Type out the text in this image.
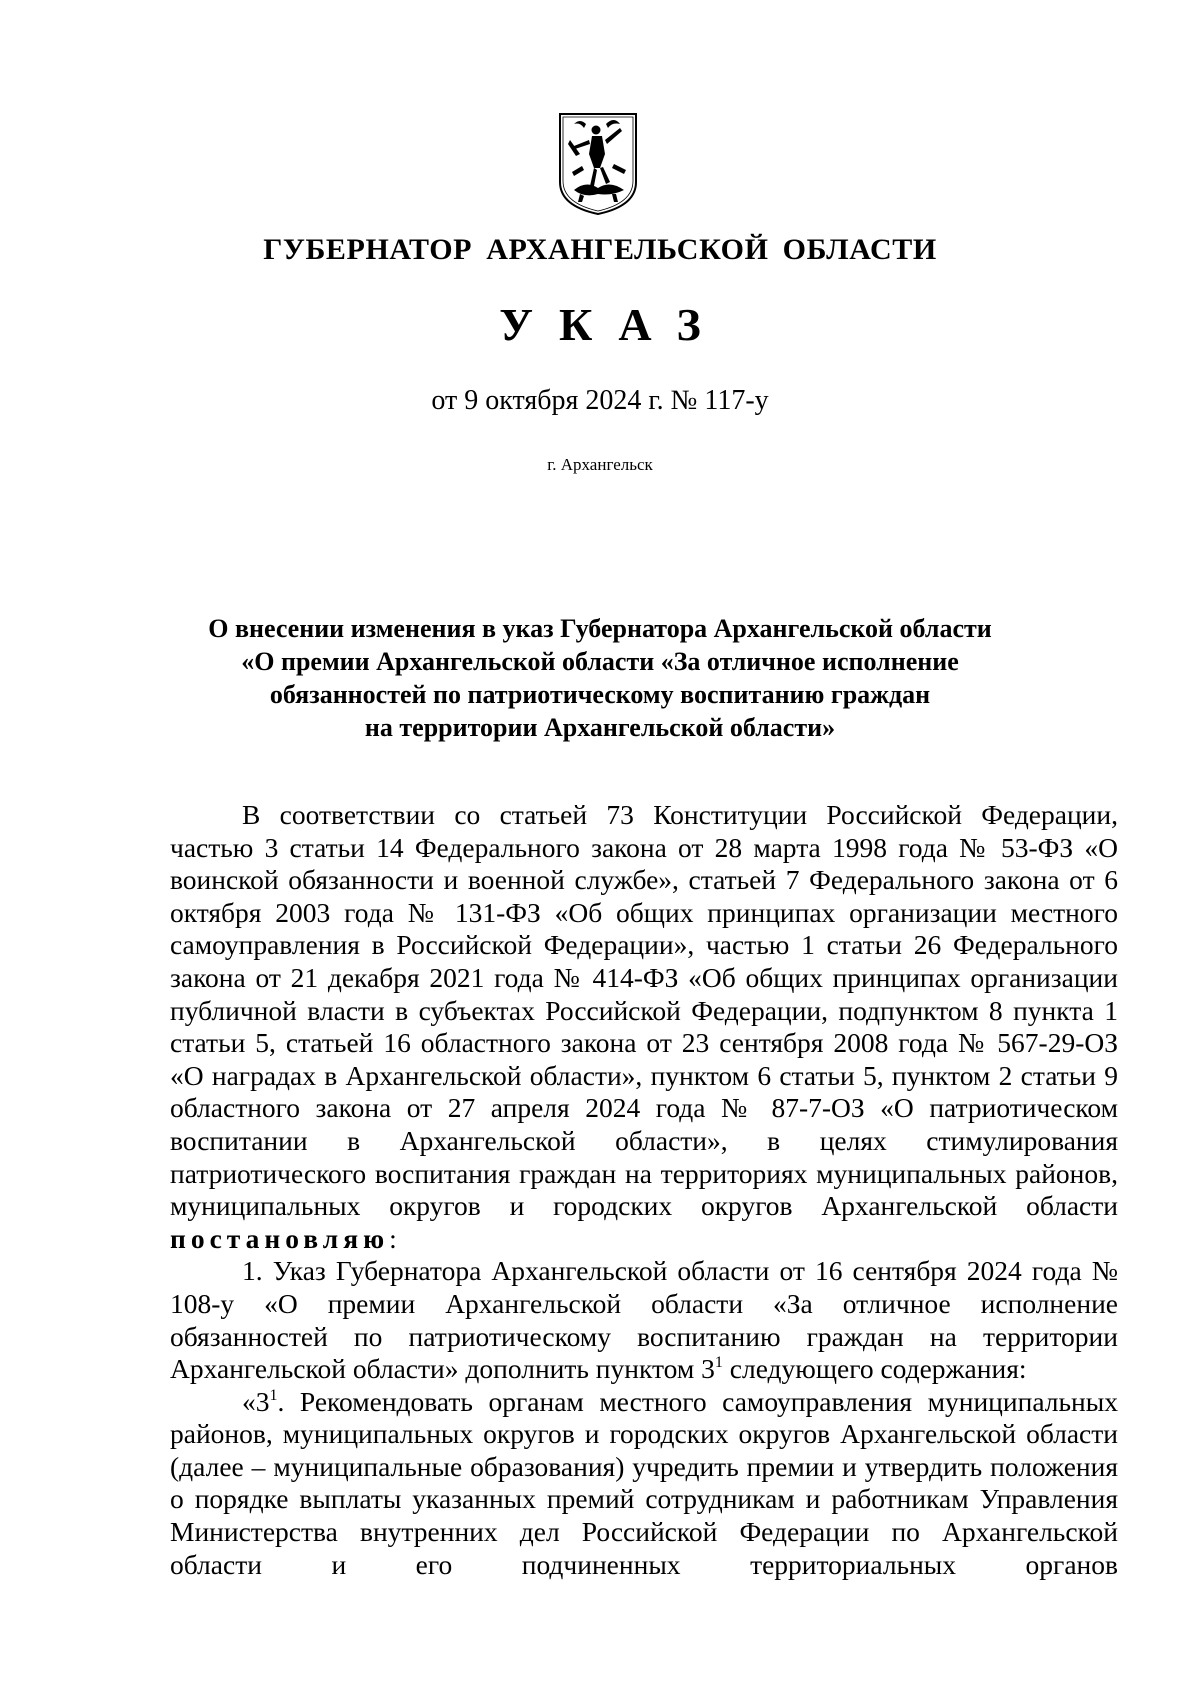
ГУБЕРНАТОР АРХАНГЕЛЬСКОЙ ОБЛАСТИ
УКАЗ
от 9 октября 2024 г. № 117-у
г. Архангельск
О внесении изменения в указ Губернатора Архангельской области
«О премии Архангельской области «За отличное исполнение
обязанностей по патриотическому воспитанию граждан
на территории Архангельской области»

В соответствии со статьей 73 Конституции Российской Федерации, частью 3 статьи 14 Федерального закона от 28 марта 1998 года № 53-ФЗ «О воинской обязанности и военной службе», статьей 7 Федерального закона от 6 октября 2003 года № 131-ФЗ «Об общих принципах организации местного самоуправления в Российской Федерации», частью 1 статьи 26 Федерального закона от 21 декабря 2021 года № 414-ФЗ «Об общих принципах организации публичной власти в субъектах Российской Федерации, подпунктом 8 пункта 1 статьи 5, статьей 16 областного закона от 23 сентября 2008 года № 567-29-ОЗ «О наградах в Архангельской области», пунктом 6 статьи 5, пунктом 2 статьи 9 областного закона от 27 апреля 2024 года № 87-7-ОЗ «О патриотическом воспитании в Архангельской области», в целях стимулирования патриотического воспитания граждан на территориях муниципальных районов, муниципальных округов и городских округов Архангельской области постановляю:

1. Указ Губернатора Архангельской области от 16 сентября 2024 года № 108-у «О премии Архангельской области «За отличное исполнение обязанностей по патриотическому воспитанию граждан на территории Архангельской области» дополнить пунктом $3^1$ следующего содержания:

«$3^1$. Рекомендовать органам местного самоуправления муниципальных районов, муниципальных округов и городских округов Архангельской области (далее – муниципальные образования) учредить премии и утвердить положения о порядке выплаты указанных премий сотрудникам и работникам Управления Министерства внутренних дел Российской Федерации по Архангельской области и его подчиненных территориальных органов
